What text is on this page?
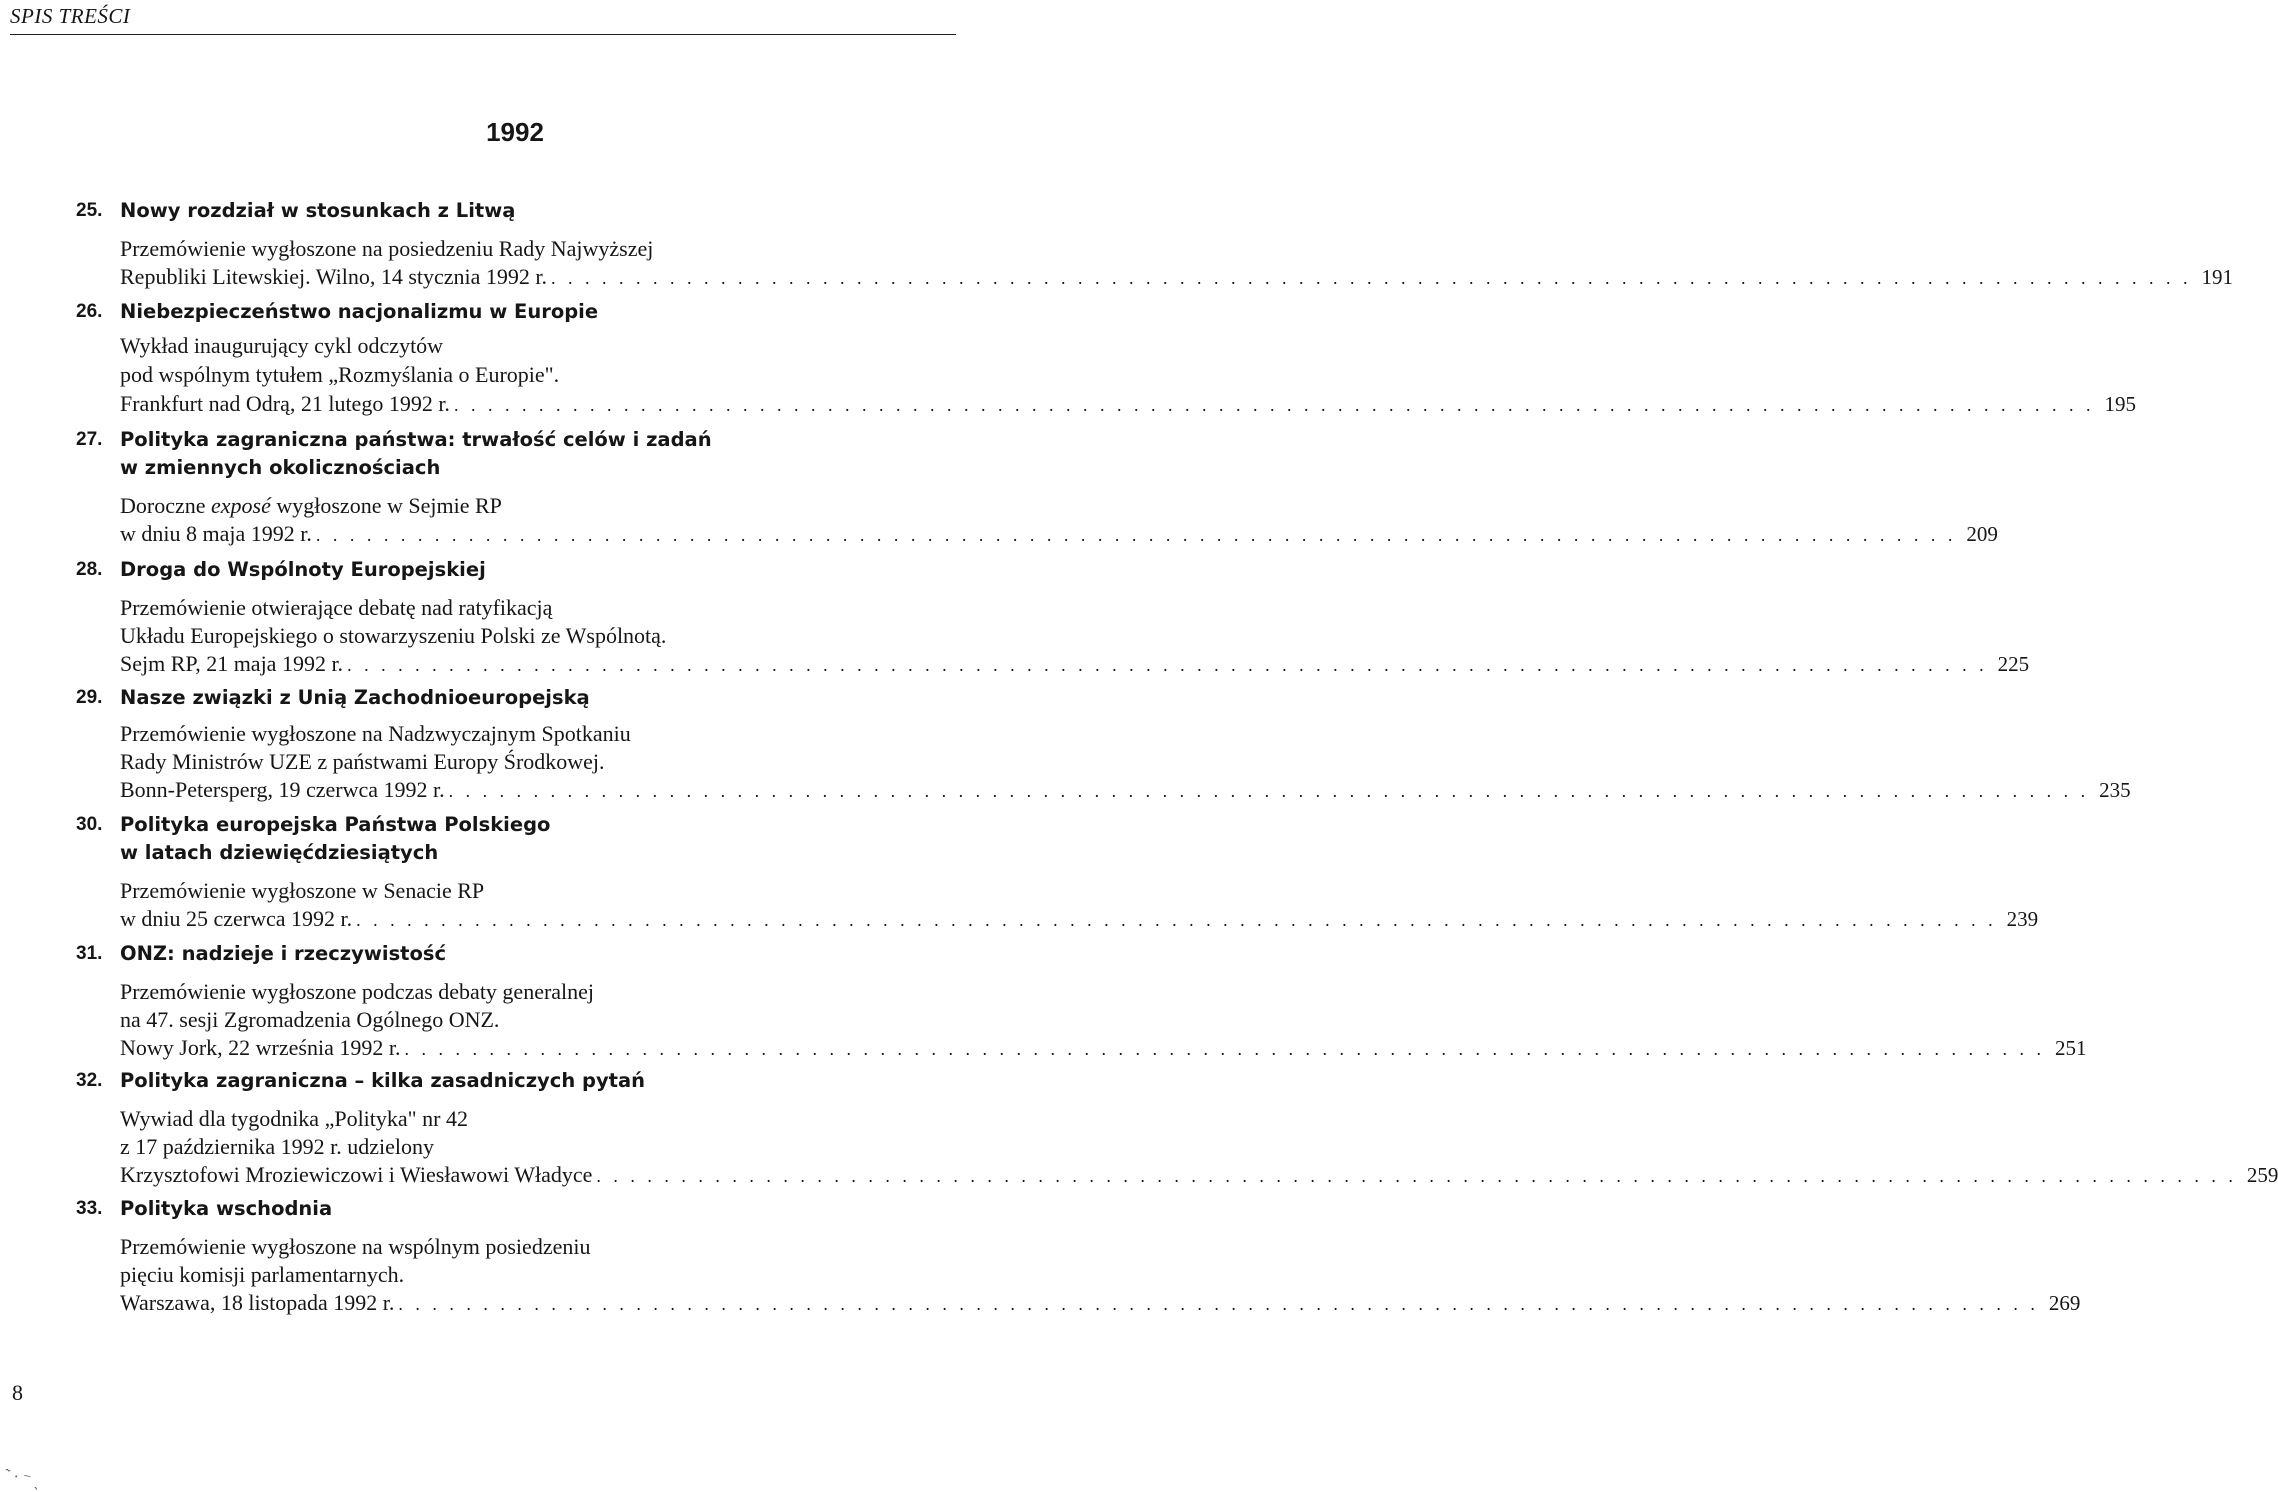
SPIS TREŚCI
1992
25. Nowy rozdział w stosunkach z Litwą
Przemówienie wygłoszone na posiedzeniu Rady Najwyższej
Republiki Litewskiej. Wilno, 14 stycznia 1992 r. . . . . . . . . . . . . . . . . . . . . . . . . . . . . . . . . . . . . . . . . . . . . . . . . . . . . . . . . . . . . . . . . . . . . . . . . . . . . . . . . . . . . . . . . . . . . . . . . . 191
26. Niebezpieczeństwo nacjonalizmu w Europie
Wykład inaugurujący cykl odczytów
pod wspólnym tytułem „Rozmyślania o Europie".
Frankfurt nad Odrą, 21 lutego 1992 r. . . . . . . . . . . . . . . . . . . . . . . . . . . . . . . . . . . . . . . . . . . . . . . . . . . . . . . . . . . . . . . . . . . . . . . . . . . . . . . . . . . . . . . . . . . . . . . . . . 195
27. Polityka zagraniczna państwa: trwałość celów i zadań
w zmiennych okolicznościach
Doroczne exposé wygłoszone w Sejmie RP
w dniu 8 maja 1992 r. . . . . . . . . . . . . . . . . . . . . . . . . . . . . . . . . . . . . . . . . . . . . . . . . . . . . . . . . . . . . . . . . . . . . . . . . . . . . . . . . . . . . . . . . . . . . . . . . . 209
28. Droga do Wspólnoty Europejskiej
Przemówienie otwierające debatę nad ratyfikacją
Układu Europejskiego o stowarzyszeniu Polski ze Wspólnotą.
Sejm RP, 21 maja 1992 r. . . . . . . . . . . . . . . . . . . . . . . . . . . . . . . . . . . . . . . . . . . . . . . . . . . . . . . . . . . . . . . . . . . . . . . . . . . . . . . . . . . . . . . . . . . . . . . . . . 225
29. Nasze związki z Unią Zachodnioeuropejską
Przemówienie wygłoszone na Nadzwyczajnym Spotkaniu
Rady Ministrów UZE z państwami Europy Środkowej.
Bonn-Petersperg, 19 czerwca 1992 r. . . . . . . . . . . . . . . . . . . . . . . . . . . . . . . . . . . . . . . . . . . . . . . . . . . . . . . . . . . . . . . . . . . . . . . . . . . . . . . . . . . . . . . . . . . . . . . . . . 235
30. Polityka europejska Państwa Polskiego
w latach dziewięćdziesiątych
Przemówienie wygłoszone w Senacie RP
w dniu 25 czerwca 1992 r. . . . . . . . . . . . . . . . . . . . . . . . . . . . . . . . . . . . . . . . . . . . . . . . . . . . . . . . . . . . . . . . . . . . . . . . . . . . . . . . . . . . . . . . . . . . . . . . . . 239
31. ONZ: nadzieje i rzeczywistość
Przemówienie wygłoszone podczas debaty generalnej
na 47. sesji Zgromadzenia Ogólnego ONZ.
Nowy Jork, 22 września 1992 r. . . . . . . . . . . . . . . . . . . . . . . . . . . . . . . . . . . . . . . . . . . . . . . . . . . . . . . . . . . . . . . . . . . . . . . . . . . . . . . . . . . . . . . . . . . . . . . . . . 251
32. Polityka zagraniczna – kilka zasadniczych pytań
Wywiad dla tygodnika „Polityka" nr 42
z 17 października 1992 r. udzielony
Krzysztofowi Mroziewiczowi i Wiesławowi Władyce . . . . . . . . . . . . . . . . . . . . . . . . . . . . . . . . . . . . . . . . . . . . . . . . . . . . . . . . . . . . . . . . . . . . . . . . . . . . . . . . . . . . . . . . . . . . . . . . . 259
33. Polityka wschodnia
Przemówienie wygłoszone na wspólnym posiedzeniu
pięciu komisji parlamentarnych.
Warszawa, 18 listopada 1992 r. . . . . . . . . . . . . . . . . . . . . . . . . . . . . . . . . . . . . . . . . . . . . . . . . . . . . . . . . . . . . . . . . . . . . . . . . . . . . . . . . . . . . . . . . . . . . . . . . . 269
8
˜ · ⁻ ˎ
